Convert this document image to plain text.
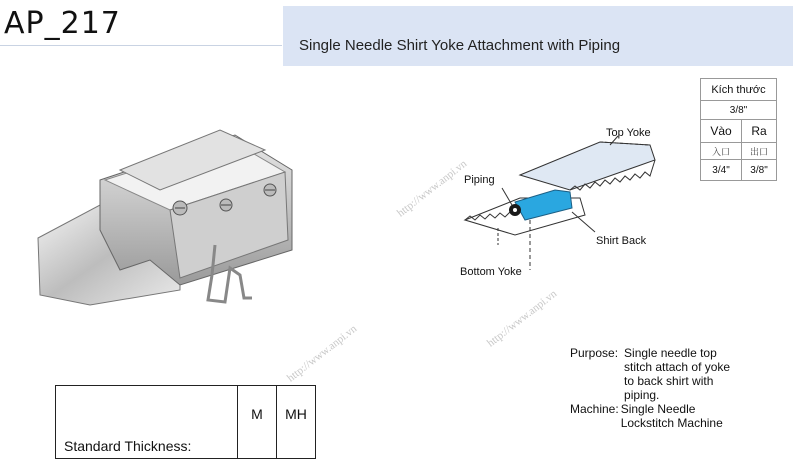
AP_217
Single Needle Shirt Yoke Attachment with Piping
http://www.anpi.vn
http://www.anpi.vn
http://www.anpi.vn
Top Yoke
Piping
Shirt Back
Bottom Yoke
Kích thước	
3/8"	
Vào	Ra
入口	出口
3/4"	3/8"
Standard Thickness:	M	MH
Purpose: Single needle top
stitch attach of yoke
to back shirt with
piping.
Machine: Single Needle
Lockstitch Machine
